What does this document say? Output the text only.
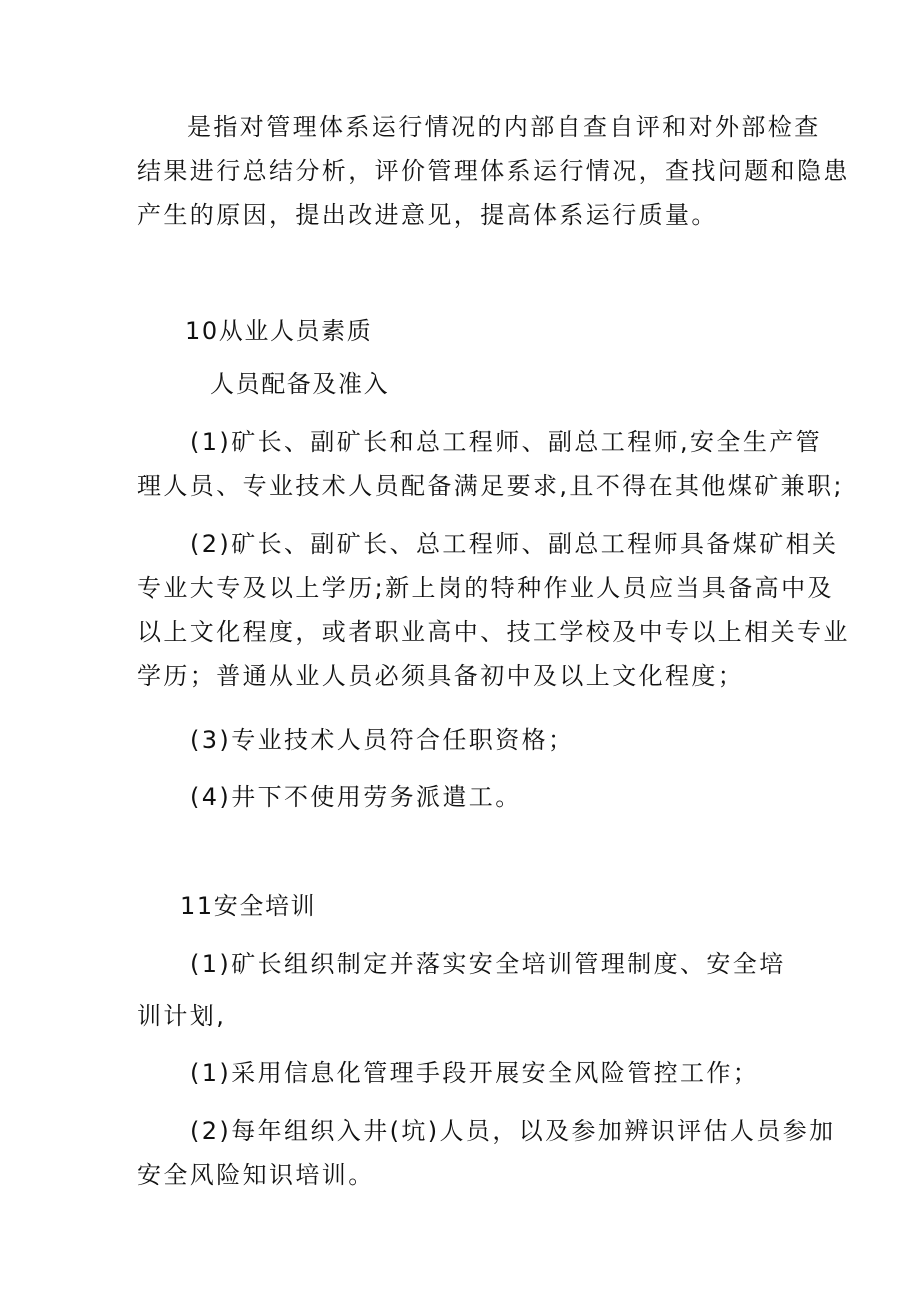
是指对管理体系运行情况的内部自查自评和对外部检查
结果进行总结分析，评价管理体系运行情况，查找问题和隐患
产生的原因，提出改进意见，提高体系运行质量。
10从业人员素质
人员配备及准入
(1)矿长、副矿长和总工程师、副总工程师,安全生产管
理人员、专业技术人员配备满足要求,且不得在其他煤矿兼职;
(2)矿长、副矿长、总工程师、副总工程师具备煤矿相关
专业大专及以上学历;新上岗的特种作业人员应当具备高中及
以上文化程度，或者职业高中、技工学校及中专以上相关专业
学历；普通从业人员必须具备初中及以上文化程度；
(3)专业技术人员符合任职资格；
(4)井下不使用劳务派遣工。
11安全培训
(1)矿长组织制定并落实安全培训管理制度、安全培
训计划,
(1)采用信息化管理手段开展安全风险管控工作；
(2)每年组织入井(坑)人员，以及参加辨识评估人员参加
安全风险知识培训。
